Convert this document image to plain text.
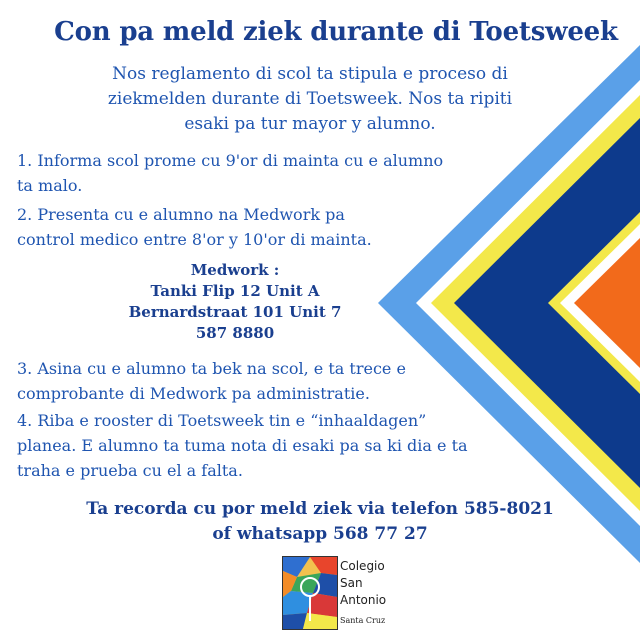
Con pa meld ziek durante di Toetsweek
Nos reglamento di scol ta stipula e proceso di ziekmelden durante di Toetsweek. Nos ta ripiti esaki pa tur mayor y alumno.
1. Informa scol prome cu 9'or di mainta cu e alumno ta malo.
2. Presenta cu e alumno na Medwork pa control medico entre 8'or y 10'or di mainta.
Medwork :
Tanki Flip 12 Unit A
Bernardstraat 101 Unit 7
587 8880
3. Asina cu e alumno ta bek na scol, e ta trece e comprobante di Medwork pa administratie.
4. Riba e rooster di Toetsweek tin e “inhaaldagen” planea. E alumno ta tuma nota di esaki pa sa ki dia e ta traha e prueba cu el a falta.
Ta recorda cu por meld ziek via telefon 585-8021
of whatsapp 568 77 27
Colegio
San
Antonio
Santa Cruz
